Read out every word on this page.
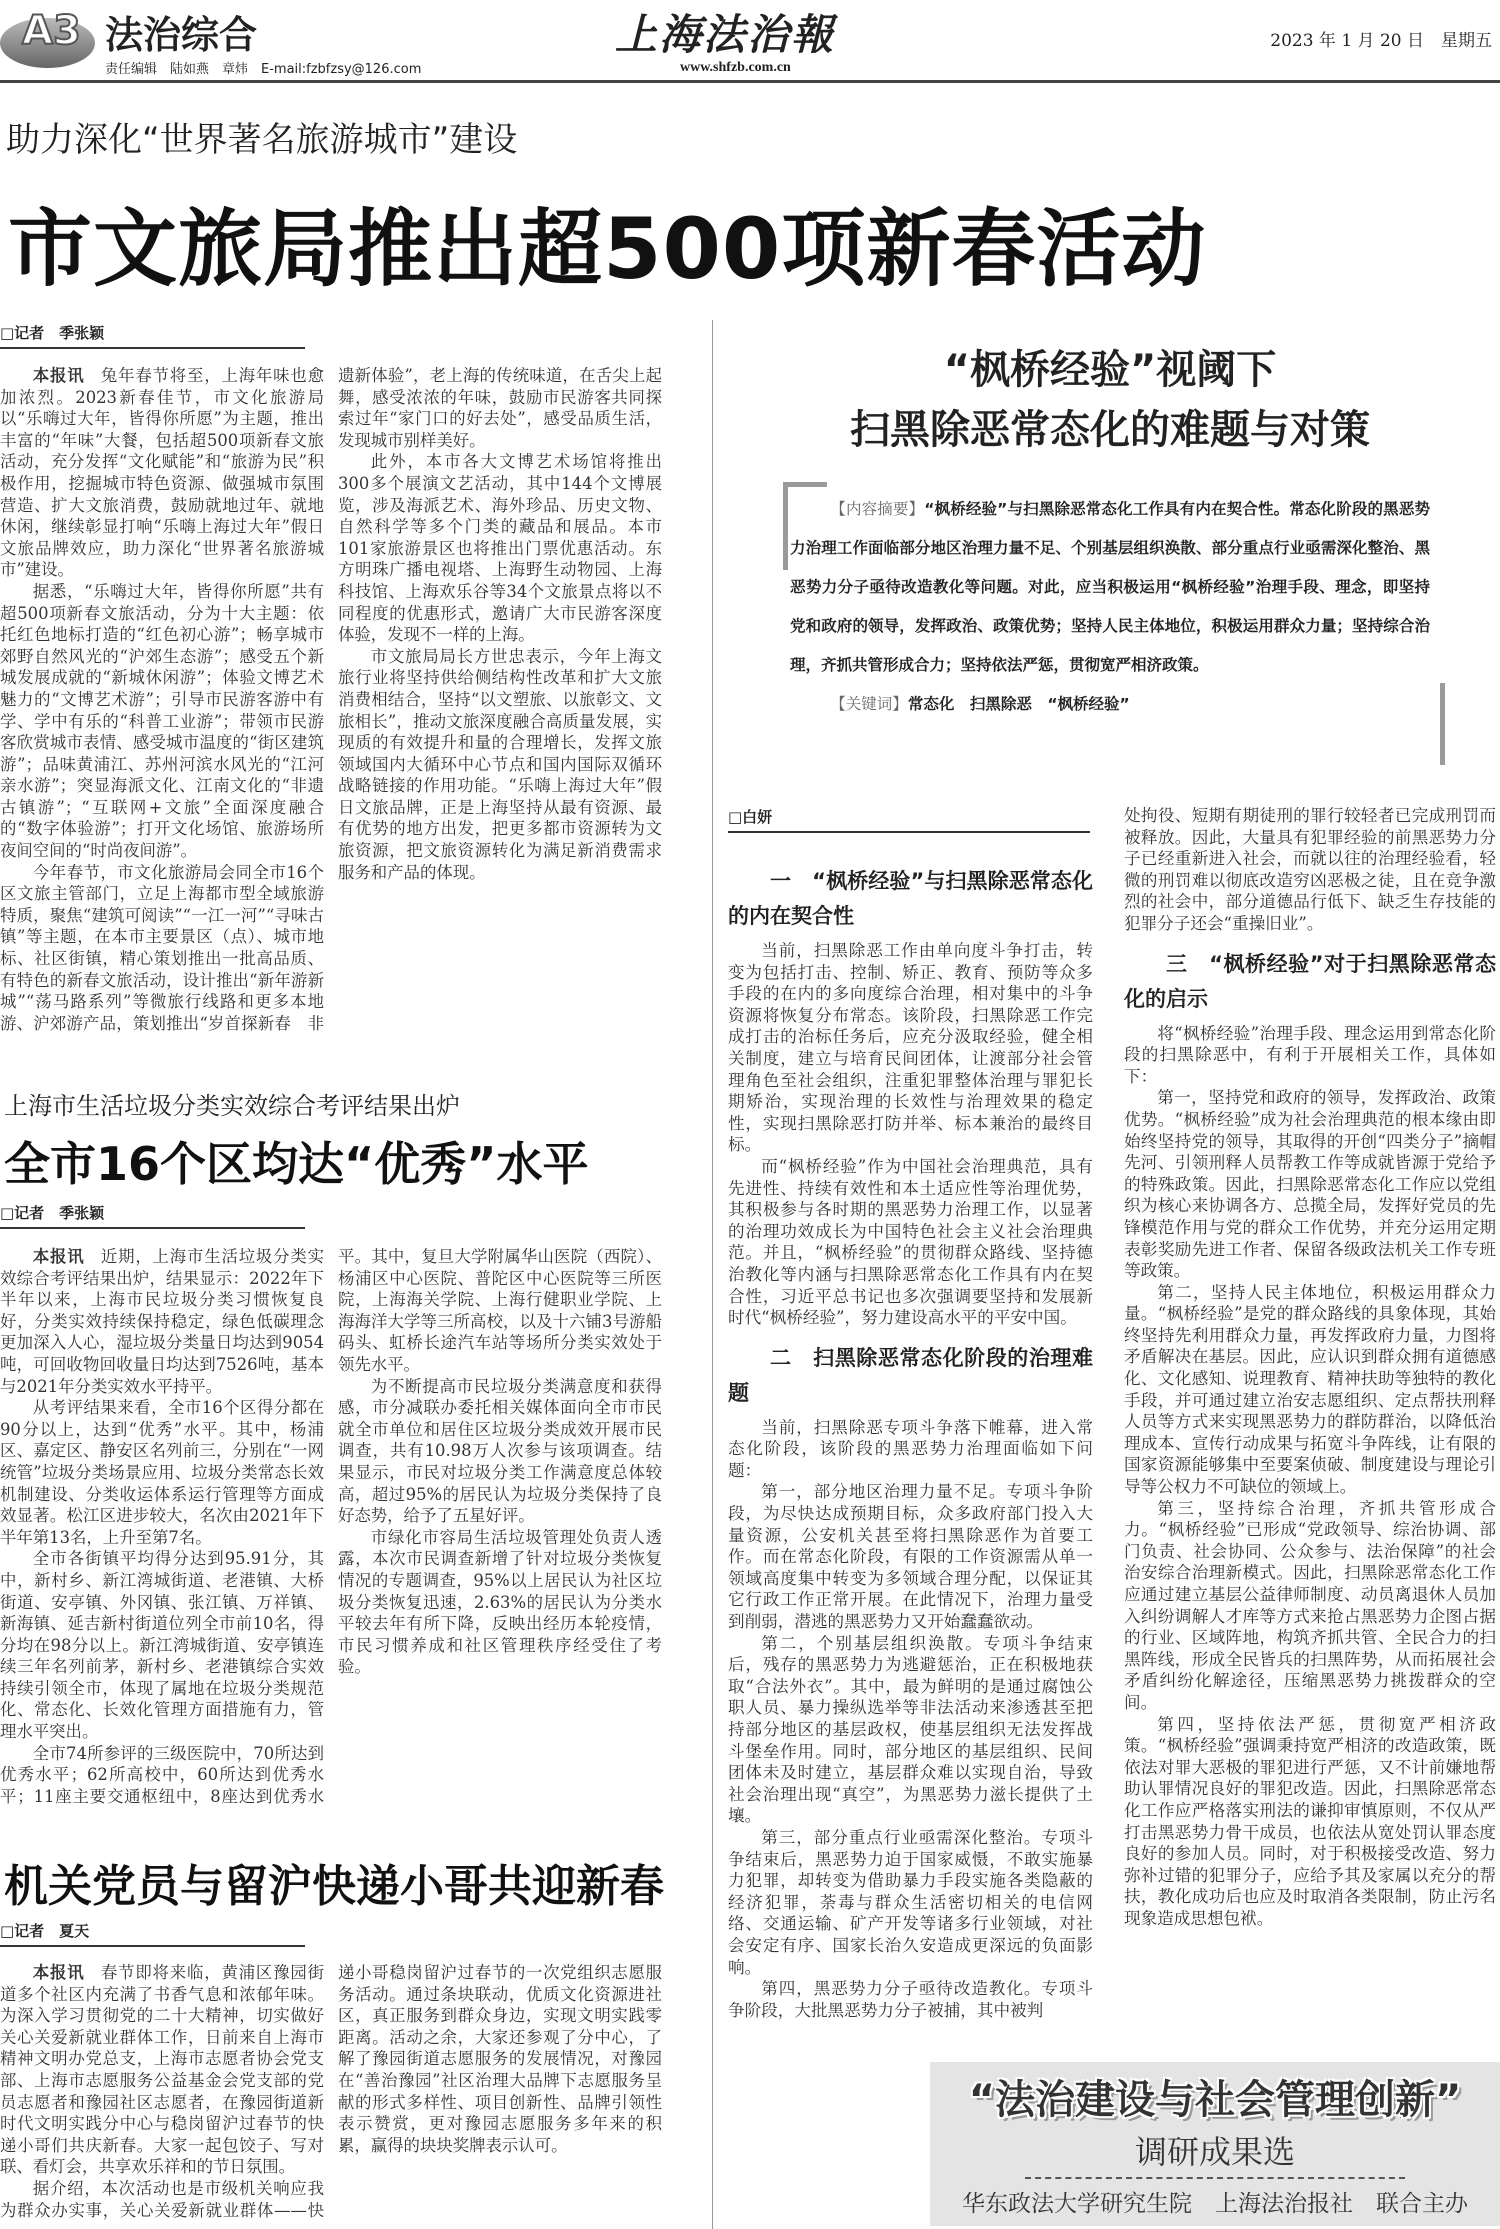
A3 法治综合
责任编辑　陆如燕　章炜　E-mail:fzbfzsy@126.com
上海法治報
www.shfzb.com.cn
2023 年 1 月 20 日　星期五
助力深化“世界著名旅游城市”建设
市文旅局推出超500项新春活动
□记者　季张颖

本报讯 兔年春节将至，上海年味也愈加浓烈。2023新春佳节，市文化旅游局以“乐嗨过大年，皆得你所愿”为主题，推出丰富的“年味”大餐，包括超500项新春文旅活动，充分发挥“文化赋能”和“旅游为民”积极作用，挖掘城市特色资源、做强城市氛围营造、扩大文旅消费，鼓励就地过年、就地休闲，继续彰显打响“乐嗨上海过大年”假日文旅品牌效应，助力深化“世界著名旅游城市”建设。

据悉，“乐嗨过大年，皆得你所愿”共有超500项新春文旅活动，分为十大主题：依托红色地标打造的“红色初心游”；畅享城市郊野自然风光的“沪郊生态游”；感受五个新城发展成就的“新城休闲游”；体验文博艺术魅力的“文博艺术游”；引导市民游客游中有学、学中有乐的“科普工业游”；带领市民游客欣赏城市表情、感受城市温度的“街区建筑游”；品味黄浦江、苏州河滨水风光的“江河亲水游”；突显海派文化、江南文化的“非遗古镇游”；“互联网+文旅”全面深度融合的“数字体验游”；打开文化场馆、旅游场所夜间空间的“时尚夜间游”。

今年春节，市文化旅游局会同全市16个区文旅主管部门，立足上海都市型全域旅游特质，聚焦“建筑可阅读”“一江一河”“寻味古镇”等主题，在本市主要景区（点）、城市地标、社区街镇，精心策划推出一批高品质、有特色的新春文旅活动，设计推出“新年游新城”“荡马路系列”等微旅行线路和更多本地游、沪郊游产品，策划推出“岁首探新春　非遗新体验”，老上海的传统味道，在舌尖上起舞，感受浓浓的年味，鼓励市民游客共同探索过年“家门口的好去处”，感受品质生活，发现城市别样美好。

此外，本市各大文博艺术场馆将推出300多个展演文艺活动，其中144个文博展览，涉及海派艺术、海外珍品、历史文物、自然科学等多个门类的藏品和展品。本市101家旅游景区也将推出门票优惠活动。东方明珠广播电视塔、上海野生动物园、上海科技馆、上海欢乐谷等34个文旅景点将以不同程度的优惠形式，邀请广大市民游客深度体验，发现不一样的上海。

市文旅局局长方世忠表示，今年上海文旅行业将坚持供给侧结构性改革和扩大文旅消费相结合，坚持“以文塑旅、以旅彰文、文旅相长”，推动文旅深度融合高质量发展，实现质的有效提升和量的合理增长，发挥文旅领域国内大循环中心节点和国内国际双循环战略链接的作用功能。“乐嗨上海过大年”假日文旅品牌，正是上海坚持从最有资源、最有优势的地方出发，把更多都市资源转为文旅资源，把文旅资源转化为满足新消费需求服务和产品的体现。

上海市生活垃圾分类实效综合考评结果出炉
全市16个区均达“优秀”水平
□记者　季张颖

本报讯 近期，上海市生活垃圾分类实效综合考评结果出炉，结果显示：2022年下半年以来，上海市民垃圾分类习惯恢复良好，分类实效持续保持稳定，绿色低碳理念更加深入人心，湿垃圾分类量日均达到9054吨，可回收物回收量日均达到7526吨，基本与2021年分类实效水平持平。

从考评结果来看，全市16个区得分都在90分以上，达到“优秀”水平。其中，杨浦区、嘉定区、静安区名列前三，分别在“一网统管”垃圾分类场景应用、垃圾分类常态长效机制建设、分类收运体系运行管理等方面成效显著。松江区进步较大，名次由2021年下半年第13名，上升至第7名。

全市各街镇平均得分达到95.91分，其中，新村乡、新江湾城街道、老港镇、大桥街道、安亭镇、外冈镇、张江镇、万祥镇、新海镇、延吉新村街道位列全市前10名，得分均在98分以上。新江湾城街道、安亭镇连续三年名列前茅，新村乡、老港镇综合实效持续引领全市，体现了属地在垃圾分类规范化、常态化、长效化管理方面措施有力，管理水平突出。

全市74所参评的三级医院中，70所达到优秀水平；62所高校中，60所达到优秀水平；11座主要交通枢纽中，8座达到优秀水平。其中，复旦大学附属华山医院（西院）、杨浦区中心医院、普陀区中心医院等三所医院，上海海关学院、上海行健职业学院、上海海洋大学等三所高校，以及十六铺3号游船码头、虹桥长途汽车站等场所分类实效处于领先水平。

为不断提高市民垃圾分类满意度和获得感，市分减联办委托相关媒体面向全市市民就全市单位和居住区垃圾分类成效开展市民调查，共有10.98万人次参与该项调查。结果显示，市民对垃圾分类工作满意度总体较高，超过95%的居民认为垃圾分类保持了良好态势，给予了五星好评。

市绿化市容局生活垃圾管理处负责人透露，本次市民调查新增了针对垃圾分类恢复情况的专题调查，95%以上居民认为社区垃圾分类恢复迅速，2.63%的居民认为分类水平较去年有所下降，反映出经历本轮疫情，市民习惯养成和社区管理秩序经受住了考验。

机关党员与留沪快递小哥共迎新春
□记者　夏天

本报讯 春节即将来临，黄浦区豫园街道多个社区内充满了书香气息和浓郁年味。为深入学习贯彻党的二十大精神，切实做好关心关爱新就业群体工作，日前来自上海市精神文明办党总支，上海市志愿者协会党支部、上海市志愿服务公益基金会党支部的党员志愿者和豫园社区志愿者，在豫园街道新时代文明实践分中心与稳岗留沪过春节的快递小哥们共庆新春。大家一起包饺子、写对联、看灯会，共享欢乐祥和的节日氛围。

据介绍，本次活动也是市级机关响应我为群众办实事，关心关爱新就业群体——快递小哥稳岗留沪过春节的一次党组织志愿服务活动。通过条块联动，优质文化资源进社区，真正服务到群众身边，实现文明实践零距离。活动之余，大家还参观了分中心，了解了豫园街道志愿服务的发展情况，对豫园在“善治豫园”社区治理大品牌下志愿服务呈献的形式多样性、项目创新性、品牌引领性表示赞赏，更对豫园志愿服务多年来的积累，赢得的块块奖牌表示认可。

“枫桥经验”视阈下
扫黑除恶常态化的难题与对策

【内容摘要】“枫桥经验”与扫黑除恶常态化工作具有内在契合性。常态化阶段的黑恶势力治理工作面临部分地区治理力量不足、个别基层组织涣散、部分重点行业亟需深化整治、黑恶势力分子亟待改造教化等问题。对此，应当积极运用“枫桥经验”治理手段、理念，即坚持党和政府的领导，发挥政治、政策优势；坚持人民主体地位，积极运用群众力量；坚持综合治理，齐抓共管形成合力；坚持依法严惩，贯彻宽严相济政策。

【关键词】常态化　扫黑除恶　“枫桥经验”

□白妍
一　“枫桥经验”与扫黑除恶常态化的内在契合性

当前，扫黑除恶工作由单向度斗争打击，转变为包括打击、控制、矫正、教育、预防等众多手段的在内的多向度综合治理，相对集中的斗争资源将恢复分布常态。该阶段，扫黑除恶工作完成打击的治标任务后，应充分汲取经验，健全相关制度，建立与培育民间团体，让渡部分社会管理角色至社会组织，注重犯罪整体治理与罪犯长期矫治，实现治理的长效性与治理效果的稳定性，实现扫黑除恶打防并举、标本兼治的最终目标。

而“枫桥经验”作为中国社会治理典范，具有先进性、持续有效性和本土适应性等治理优势，其积极参与各时期的黑恶势力治理工作，以显著的治理功效成长为中国特色社会主义社会治理典范。并且，“枫桥经验”的贯彻群众路线、坚持德治教化等内涵与扫黑除恶常态化工作具有内在契合性，习近平总书记也多次强调要坚持和发展新时代“枫桥经验”，努力建设高水平的平安中国。

二　扫黑除恶常态化阶段的治理难题

当前，扫黑除恶专项斗争落下帷幕，进入常态化阶段，该阶段的黑恶势力治理面临如下问题：

第一，部分地区治理力量不足。专项斗争阶段，为尽快达成预期目标，众多政府部门投入大量资源，公安机关甚至将扫黑除恶作为首要工作。而在常态化阶段，有限的工作资源需从单一领域高度集中转变为多领域合理分配，以保证其它行政工作正常开展。在此情况下，治理力量受到削弱，潜逃的黑恶势力又开始蠢蠢欲动。

第二，个别基层组织涣散。专项斗争结束后，残存的黑恶势力为逃避惩治，正在积极地获取“合法外衣”。其中，最为鲜明的是通过腐蚀公职人员、暴力操纵选举等非法活动来渗透甚至把持部分地区的基层政权，使基层组织无法发挥战斗堡垒作用。同时，部分地区的基层组织、民间团体未及时建立，基层群众难以实现自治，导致社会治理出现“真空”，为黑恶势力滋长提供了土壤。

第三，部分重点行业亟需深化整治。专项斗争结束后，黑恶势力迫于国家威慑，不敢实施暴力犯罪，却转变为借助暴力手段实施各类隐蔽的经济犯罪，荼毒与群众生活密切相关的电信网络、交通运输、矿产开发等诸多行业领域，对社会安定有序、国家长治久安造成更深远的负面影响。

第四，黑恶势力分子亟待改造教化。专项斗争阶段，大批黑恶势力分子被捕，其中被判

处拘役、短期有期徒刑的罪行较轻者已完成刑罚而被释放。因此，大量具有犯罪经验的前黑恶势力分子已经重新进入社会，而就以往的治理经验看，轻微的刑罚难以彻底改造穷凶恶极之徒，且在竞争激烈的社会中，部分道德品行低下、缺乏生存技能的犯罪分子还会“重操旧业”。

三　“枫桥经验”对于扫黑除恶常态化的启示

将“枫桥经验”治理手段、理念运用到常态化阶段的扫黑除恶中，有利于开展相关工作，具体如下：

第一，坚持党和政府的领导，发挥政治、政策优势。“枫桥经验”成为社会治理典范的根本缘由即始终坚持党的领导，其取得的开创“四类分子”摘帽先河、引领刑释人员帮教工作等成就皆源于党给予的特殊政策。因此，扫黑除恶常态化工作应以党组织为核心来协调各方、总揽全局，发挥好党员的先锋模范作用与党的群众工作优势，并充分运用定期表彰奖励先进工作者、保留各级政法机关工作专班等政策。

第二，坚持人民主体地位，积极运用群众力量。“枫桥经验”是党的群众路线的具象体现，其始终坚持先利用群众力量，再发挥政府力量，力图将矛盾解决在基层。因此，应认识到群众拥有道德感化、文化感知、说理教育、精神扶助等独特的教化手段，并可通过建立治安志愿组织、定点帮扶刑释人员等方式来实现黑恶势力的群防群治，以降低治理成本、宣传行动成果与拓宽斗争阵线，让有限的国家资源能够集中至要案侦破、制度建设与理论引导等公权力不可缺位的领域上。

第三，坚持综合治理，齐抓共管形成合力。“枫桥经验”已形成“党政领导、综治协调、部门负责、社会协同、公众参与、法治保障”的社会治安综合治理新模式。因此，扫黑除恶常态化工作应通过建立基层公益律师制度、动员离退休人员加入纠纷调解人才库等方式来抢占黑恶势力企图占据的行业、区域阵地，构筑齐抓共管、全民合力的扫黑阵线，形成全民皆兵的扫黑阵势，从而拓展社会矛盾纠纷化解途径，压缩黑恶势力挑拨群众的空间。

第四，坚持依法严惩，贯彻宽严相济政策。“枫桥经验”强调秉持宽严相济的改造政策，既依法对罪大恶极的罪犯进行严惩，又不计前嫌地帮助认罪情况良好的罪犯改造。因此，扫黑除恶常态化工作应严格落实刑法的谦抑审慎原则，不仅从严打击黑恶势力骨干成员，也依法从宽处罚认罪态度良好的参加人员。同时，对于积极接受改造、努力弥补过错的犯罪分子，应给予其及家属以充分的帮扶，教化成功后也应及时取消各类限制，防止污名现象造成思想包袱。

“法治建设与社会管理创新”
调研成果选
华东政法大学研究生院　上海法治报社　联合主办
